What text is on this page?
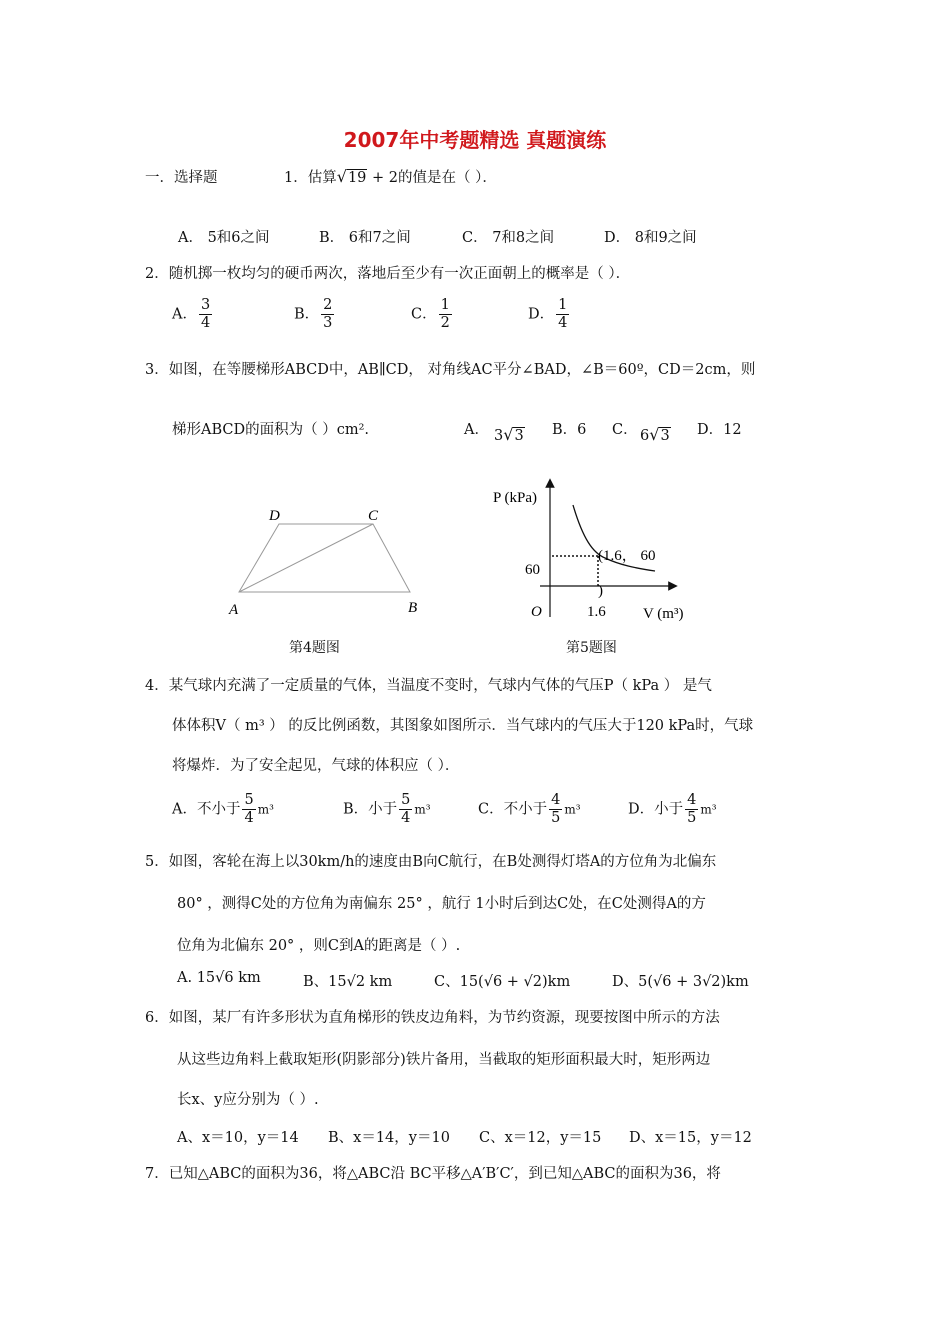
2007年中考题精选 真题演练
一．选择题	1．估算 √ 19 + 2的值是在（ ）．
A． 5和6之间	B． 6和7之间	C． 7和8之间	D． 8和9之间
2．随机掷一枚均匀的硬币两次，落地后至少有一次正面朝上的概率是（ ）．
A． $\frac{3}{4}$	B． $\frac{2}{3}$	C． $\frac{1}{2}$	D． $\frac{1}{4}$
3．如图，在等腰梯形ABCD中，AB∥CD， 对角线AC平分∠BAD，∠B＝60º，CD＝2cm，则
梯形ABCD的面积为（ ）cm².	A． 3 √ 3 B．6 C． 6 √ 3 D．12
D	C
A	B
第4题图
P (kPa)
V (m³)
O
(1.6， 60
)
60
1.6
第5题图
4．某气球内充满了一定质量的气体，当温度不变时，气球内气体的气压P（ kPa ） 是气
体体积V（ m³ ） 的反比例函数，其图象如图所示．当气球内的气压大于120 kPa时，气球
将爆炸．为了安全起见，气球的体积应（ ）．
A．不小于 $\frac{5}{4} m^3$	B．小于 $\frac{5}{4} m^3$	C．不小于 $\frac{4}{5} m^3$	D．小于 $\frac{4}{5} m^3$
5．如图，客轮在海上以30km/h的速度由B向C航行，在B处测得灯塔A的方位角为北偏东
80° ，测得C处的方位角为南偏东 25° ，航行 1小时后到达C处，在C处测得A的方
位角为北偏东 20° ，则C到A的距离是（ ）.
A. 15√6 km	B、15√2 km	C、15(√6 + √2)km	D、5(√6 + 3√2)km
6．如图，某厂有许多形状为直角梯形的铁皮边角料，为节约资源，现要按图中所示的方法
从这些边角料上截取矩形(阴影部分)铁片备用，当截取的矩形面积最大时，矩形两边
长x、y应分别为（ ）.
A、x＝10，y＝14 B、x＝14，y＝10 C、x＝12，y＝15 D、x＝15，y＝12
7．已知△ABC的面积为36，将△ABC沿 BC平移△A′B′C′，到已知△ABC的面积为36，将
